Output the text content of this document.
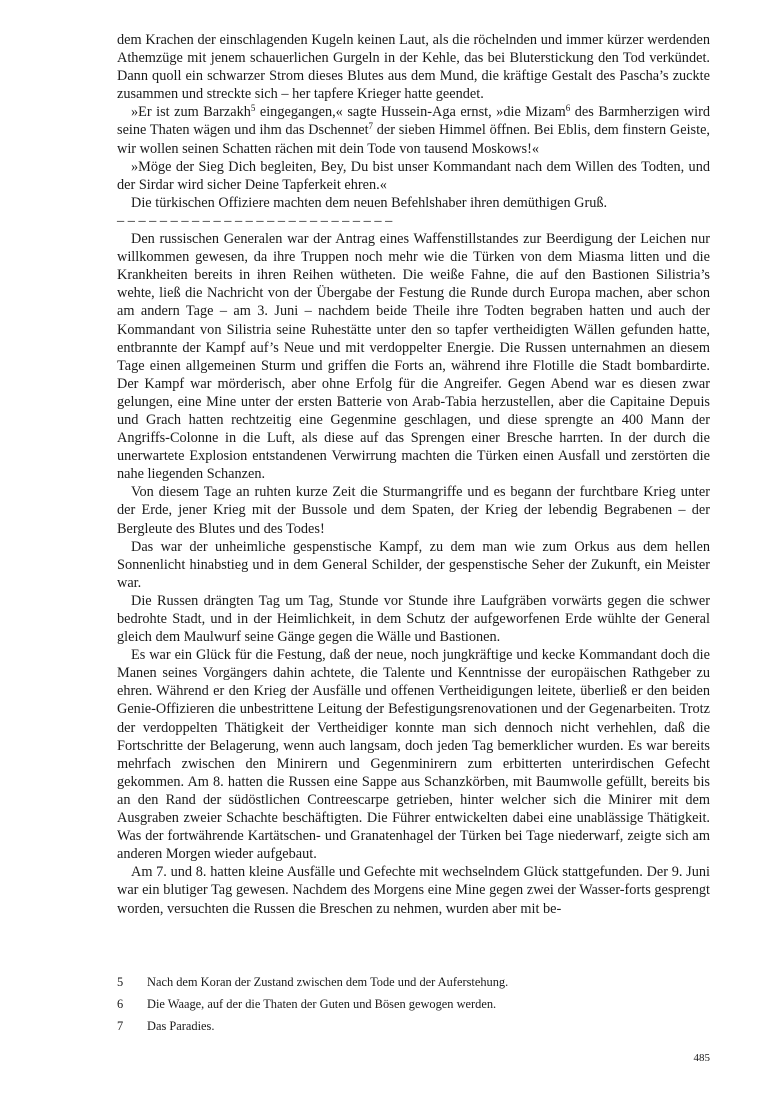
dem Krachen der einschlagenden Kugeln keinen Laut, als die röchelnden und immer kürzer werdenden Athemzüge mit jenem schauerlichen Gurgeln in der Kehle, das bei Bluterstickung den Tod verkündet. Dann quoll ein schwarzer Strom dieses Blutes aus dem Mund, die kräftige Gestalt des Pascha’s zuckte zusammen und streckte sich – her tapfere Krieger hatte geendet.

»Er ist zum Barzakh$^5$ eingegangen,« sagte Hussein-Aga ernst, »die Mizam$^6$ des Barmherzigen wird seine Thaten wägen und ihm das Dschennet$^7$ der sieben Himmel öffnen. Bei Eblis, dem finstern Geiste, wir wollen seinen Schatten rächen mit dein Tode von tausend Moskows!«

»Möge der Sieg Dich begleiten, Bey, Du bist unser Kommandant nach dem Willen des Todten, und der Sirdar wird sicher Deine Tapferkeit ehren.«

Die türkischen Offiziere machten dem neuen Befehlshaber ihren demüthigen Gruß.

– – – – – – – – – – – – – – – – – – – – – – – – – –

Den russischen Generalen war der Antrag eines Waffenstillstandes zur Beerdigung der Leichen nur willkommen gewesen, da ihre Truppen noch mehr wie die Türken von dem Miasma litten und die Krankheiten bereits in ihren Reihen wütheten. Die weiße Fahne, die auf den Bastionen Silistria’s wehte, ließ die Nachricht von der Übergabe der Festung die Runde durch Europa machen, aber schon am andern Tage – am 3. Juni – nachdem beide Theile ihre Todten begraben hatten und auch der Kommandant von Silistria seine Ruhestätte unter den so tapfer vertheidigten Wällen gefunden hatte, entbrannte der Kampf auf’s Neue und mit verdoppelter Energie. Die Russen unternahmen an diesem Tage einen allgemeinen Sturm und griffen die Forts an, während ihre Flotille die Stadt bombardirte. Der Kampf war mörderisch, aber ohne Erfolg für die Angreifer. Gegen Abend war es diesen zwar gelungen, eine Mine unter der ersten Batterie von Arab-Tabia herzustellen, aber die Capitaine Depuis und Grach hatten rechtzeitig eine Gegenmine geschlagen, und diese sprengte an 400 Mann der Angriffs-Colonne in die Luft, als diese auf das Sprengen einer Bresche harrten. In der durch die unerwartete Explosion entstandenen Verwirrung machten die Türken einen Ausfall und zerstörten die nahe liegenden Schanzen.

Von diesem Tage an ruhten kurze Zeit die Sturmangriffe und es begann der furchtbare Krieg unter der Erde, jener Krieg mit der Bussole und dem Spaten, der Krieg der lebendig Begrabenen – der Bergleute des Blutes und des Todes!

Das war der unheimliche gespenstische Kampf, zu dem man wie zum Orkus aus dem hellen Sonnenlicht hinabstieg und in dem General Schilder, der gespenstische Seher der Zukunft, ein Meister war.

Die Russen drängten Tag um Tag, Stunde vor Stunde ihre Laufgräben vorwärts gegen die schwer bedrohte Stadt, und in der Heimlichkeit, in dem Schutz der aufgeworfenen Erde wühlte der General gleich dem Maulwurf seine Gänge gegen die Wälle und Bastionen.

Es war ein Glück für die Festung, daß der neue, noch jungkräftige und kecke Kommandant doch die Manen seines Vorgängers dahin achtete, die Talente und Kenntnisse der europäischen Rathgeber zu ehren. Während er den Krieg der Ausfälle und offenen Vertheidigungen leitete, überließ er den beiden Genie-Offizieren die unbestrittene Leitung der Befestigungsrenovationen und der Gegenarbeiten. Trotz der verdoppelten Thätigkeit der Vertheidiger konnte man sich dennoch nicht verhehlen, daß die Fortschritte der Belagerung, wenn auch langsam, doch jeden Tag bemerklicher wurden. Es war bereits mehrfach zwischen den Minirern und Gegenminirern zum erbitterten unterirdischen Gefecht gekommen. Am 8. hatten die Russen eine Sappe aus Schanzkörben, mit Baumwolle gefüllt, bereits bis an den Rand der südöstlichen Contreescarpe getrieben, hinter welcher sich die Minirer mit dem Ausgraben zweier Schachte beschäftigten. Die Führer entwickelten dabei eine unablässige Thätigkeit. Was der fortwährende Kartätschen- und Granatenhagel der Türken bei Tage niederwarf, zeigte sich am anderen Morgen wieder aufgebaut.

Am 7. und 8. hatten kleine Ausfälle und Gefechte mit wechselndem Glück stattgefunden. Der 9. Juni war ein blutiger Tag gewesen. Nachdem des Morgens eine Mine gegen zwei der Wasser-forts gesprengt worden, versuchten die Russen die Breschen zu nehmen, wurden aber mit be-

5	Nach dem Koran der Zustand zwischen dem Tode und der Auferstehung.
6	Die Waage, auf der die Thaten der Guten und Bösen gewogen werden.
7	Das Paradies.
485
